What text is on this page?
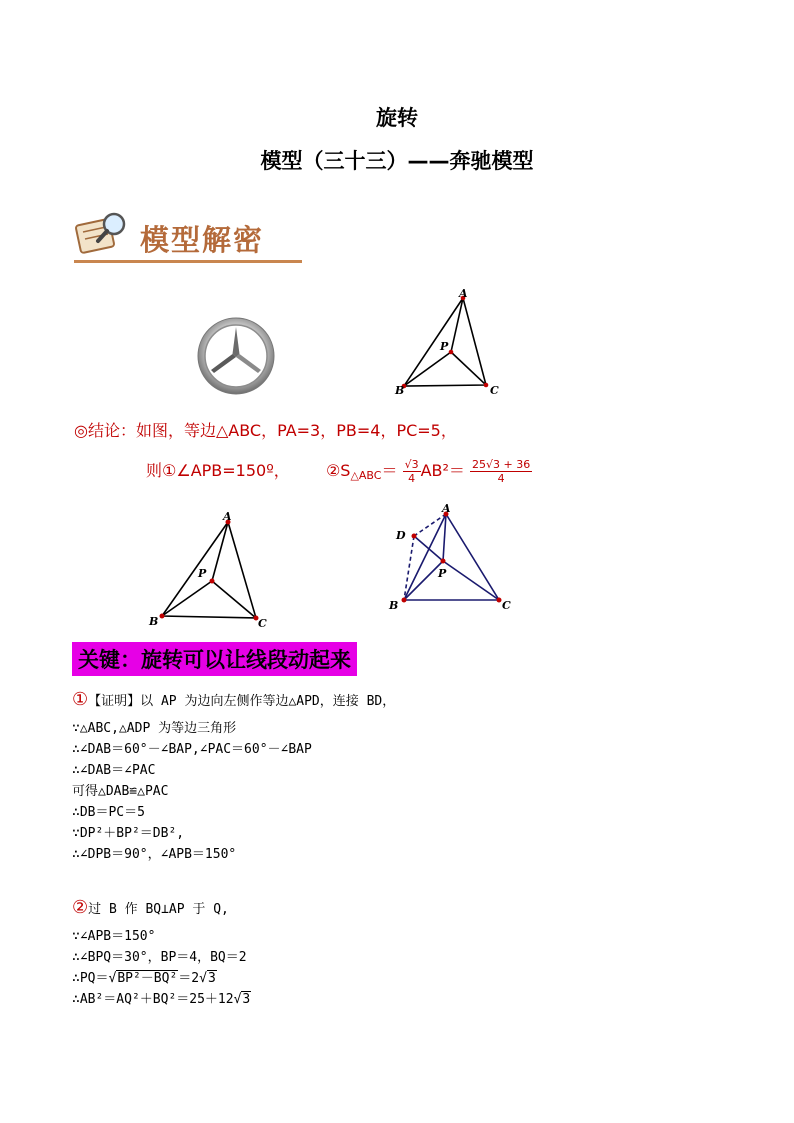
旋转
模型（三十三）——奔驰模型
模型解密
A
B	C
P
◎结论：如图，等边△ABC，PA=3，PB=4，PC=5，
则①∠APB=150º， ②S△ABC＝ $\frac{√3}{4} AB^2= \frac{25√3 + 36}{4}$
A
B	C
P
A
B	C
P
D
关键：旋转可以让线段动起来
①【证明】以 AP 为边向左侧作等边△APD，连接 BD，
∵△ABC,△ADP 为等边三角形
∴∠DAB＝60°－∠BAP,∠PAC＝60°－∠BAP
∴∠DAB＝∠PAC
可得△DAB≌△PAC
∴DB＝PC＝5
∵DP²＋BP²＝DB²,
∴∠DPB＝90°，∠APB＝150°
②过 B 作 BQ⊥AP 于 Q,
∵∠APB＝150°
∴∠BPQ＝30°，BP＝4，BQ＝2
∴PQ＝√BP²－BQ²＝2√3
∴AB²＝AQ²＋BQ²＝25＋12√3
